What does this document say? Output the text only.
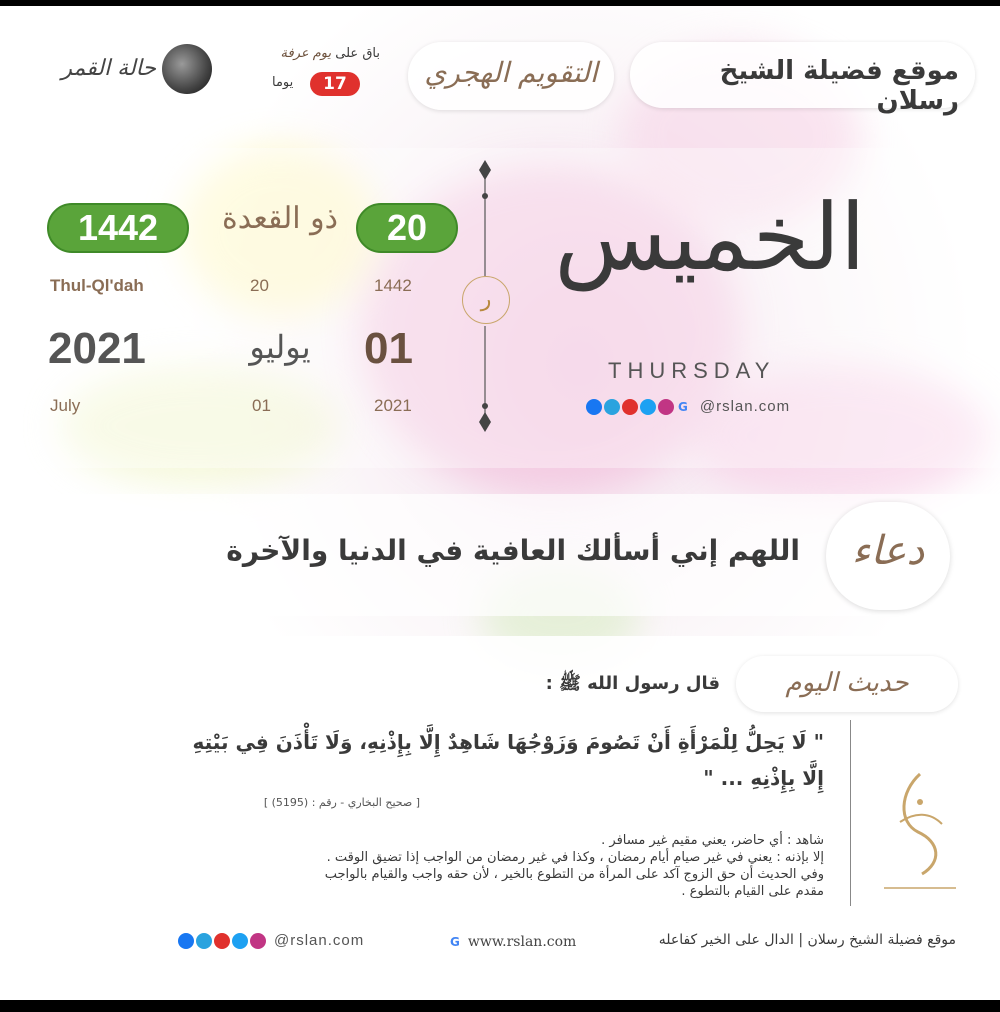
موقع فضيلة الشيخ رسلان
التقويم الهجري
باق على يوم عرفة
17
يوما
حالة القمر
1442	ذو القعدة	20
Thul-Ql'dah	20	1442
2021	يوليو	01
July	01	2021
ر
الخميس
THURSDAY
G @rslan.com
دعاء
اللهم إني أسألك العافية في الدنيا والآخرة
حديث اليوم
قال رسول الله ﷺ :
" لَا يَحِلُّ لِلْمَرْأَةِ أَنْ تَصُومَ وَزَوْجُهَا شَاهِدٌ إِلَّا بِإِذْنِهِ، وَلَا تَأْذَنَ فِي بَيْتِهِ
إِلَّا بِإِذْنِهِ ... "
[ صحيح البخاري - رقم : (5195) ]
شاهد : أي حاضر، يعني مقيم غير مسافر .
إلا بإذنه : يعني في غير صيام أيام رمضان ، وكذا في غير رمضان من الواجب إذا تضيق الوقت .
وفي الحديث أن حق الزوج آكد على المرأة من التطوع بالخير ، لأن حقه واجب والقيام بالواجب
مقدم على القيام بالتطوع .
@rslan.com	G www.rslan.com	موقع فضيلة الشيخ رسلان | الدال على الخير كفاعله
